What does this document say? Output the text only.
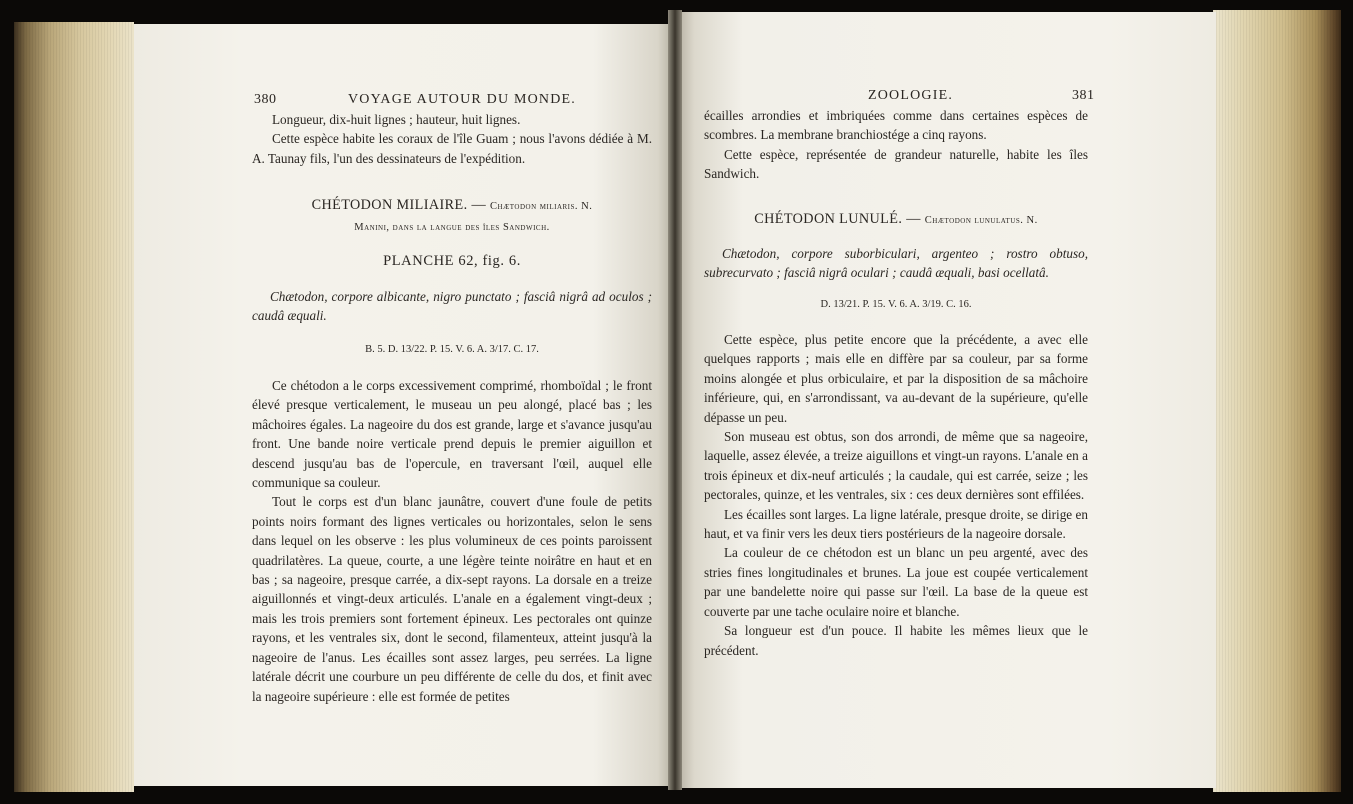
380	VOYAGE AUTOUR DU MONDE.

Longueur, dix-huit lignes ; hauteur, huit lignes.

Cette espèce habite les coraux de l'île Guam ; nous l'avons dédiée à M. A. Taunay fils, l'un des dessinateurs de l'expédition.

CHÉTODON MILIAIRE. — Chætodon miliaris. N.
Manini, dans la langue des îles Sandwich.
PLANCHE 62, fig. 6.
Chætodon, corpore albicante, nigro punctato ; fasciâ nigrâ ad oculos ; caudâ æquali.
B. 5. D. 13/22. P. 15. V. 6. A. 3/17. C. 17.

Ce chétodon a le corps excessivement comprimé, rhomboïdal ; le front élevé presque verticalement, le museau un peu alongé, placé bas ; les mâchoires égales. La nageoire du dos est grande, large et s'avance jusqu'au front. Une bande noire verticale prend depuis le premier aiguillon et descend jusqu'au bas de l'opercule, en traversant l'œil, auquel elle communique sa couleur.

Tout le corps est d'un blanc jaunâtre, couvert d'une foule de petits points noirs formant des lignes verticales ou horizontales, selon le sens dans lequel on les observe : les plus volumineux de ces points paroissent quadrilatères. La queue, courte, a une légère teinte noirâtre en haut et en bas ; sa nageoire, presque carrée, a dix-sept rayons. La dorsale en a treize aiguillonnés et vingt-deux articulés. L'anale en a également vingt-deux ; mais les trois premiers sont fortement épineux. Les pectorales ont quinze rayons, et les ventrales six, dont le second, filamenteux, atteint jusqu'à la nageoire de l'anus. Les écailles sont assez larges, peu serrées. La ligne latérale décrit une courbure un peu différente de celle du dos, et finit avec la nageoire supérieure : elle est formée de petites

ZOOLOGIE.	381

écailles arrondies et imbriquées comme dans certaines espèces de scombres. La membrane branchiostége a cinq rayons.

Cette espèce, représentée de grandeur naturelle, habite les îles Sandwich.

CHÉTODON LUNULÉ. — Chætodon lunulatus. N.
Chætodon, corpore suborbiculari, argenteo ; rostro obtuso, subrecurvato ; fasciâ nigrâ oculari ; caudâ æquali, basi ocellatâ.
D. 13/21. P. 15. V. 6. A. 3/19. C. 16.

Cette espèce, plus petite encore que la précédente, a avec elle quelques rapports ; mais elle en diffère par sa couleur, par sa forme moins alongée et plus orbiculaire, et par la disposition de sa mâchoire inférieure, qui, en s'arrondissant, va au-devant de la supérieure, qu'elle dépasse un peu.

Son museau est obtus, son dos arrondi, de même que sa nageoire, laquelle, assez élevée, a treize aiguillons et vingt-un rayons. L'anale en a trois épineux et dix-neuf articulés ; la caudale, qui est carrée, seize ; les pectorales, quinze, et les ventrales, six : ces deux dernières sont effilées.

Les écailles sont larges. La ligne latérale, presque droite, se dirige en haut, et va finir vers les deux tiers postérieurs de la nageoire dorsale.

La couleur de ce chétodon est un blanc un peu argenté, avec des stries fines longitudinales et brunes. La joue est coupée verticalement par une bandelette noire qui passe sur l'œil. La base de la queue est couverte par une tache oculaire noire et blanche.

Sa longueur est d'un pouce. Il habite les mêmes lieux que le précédent.
